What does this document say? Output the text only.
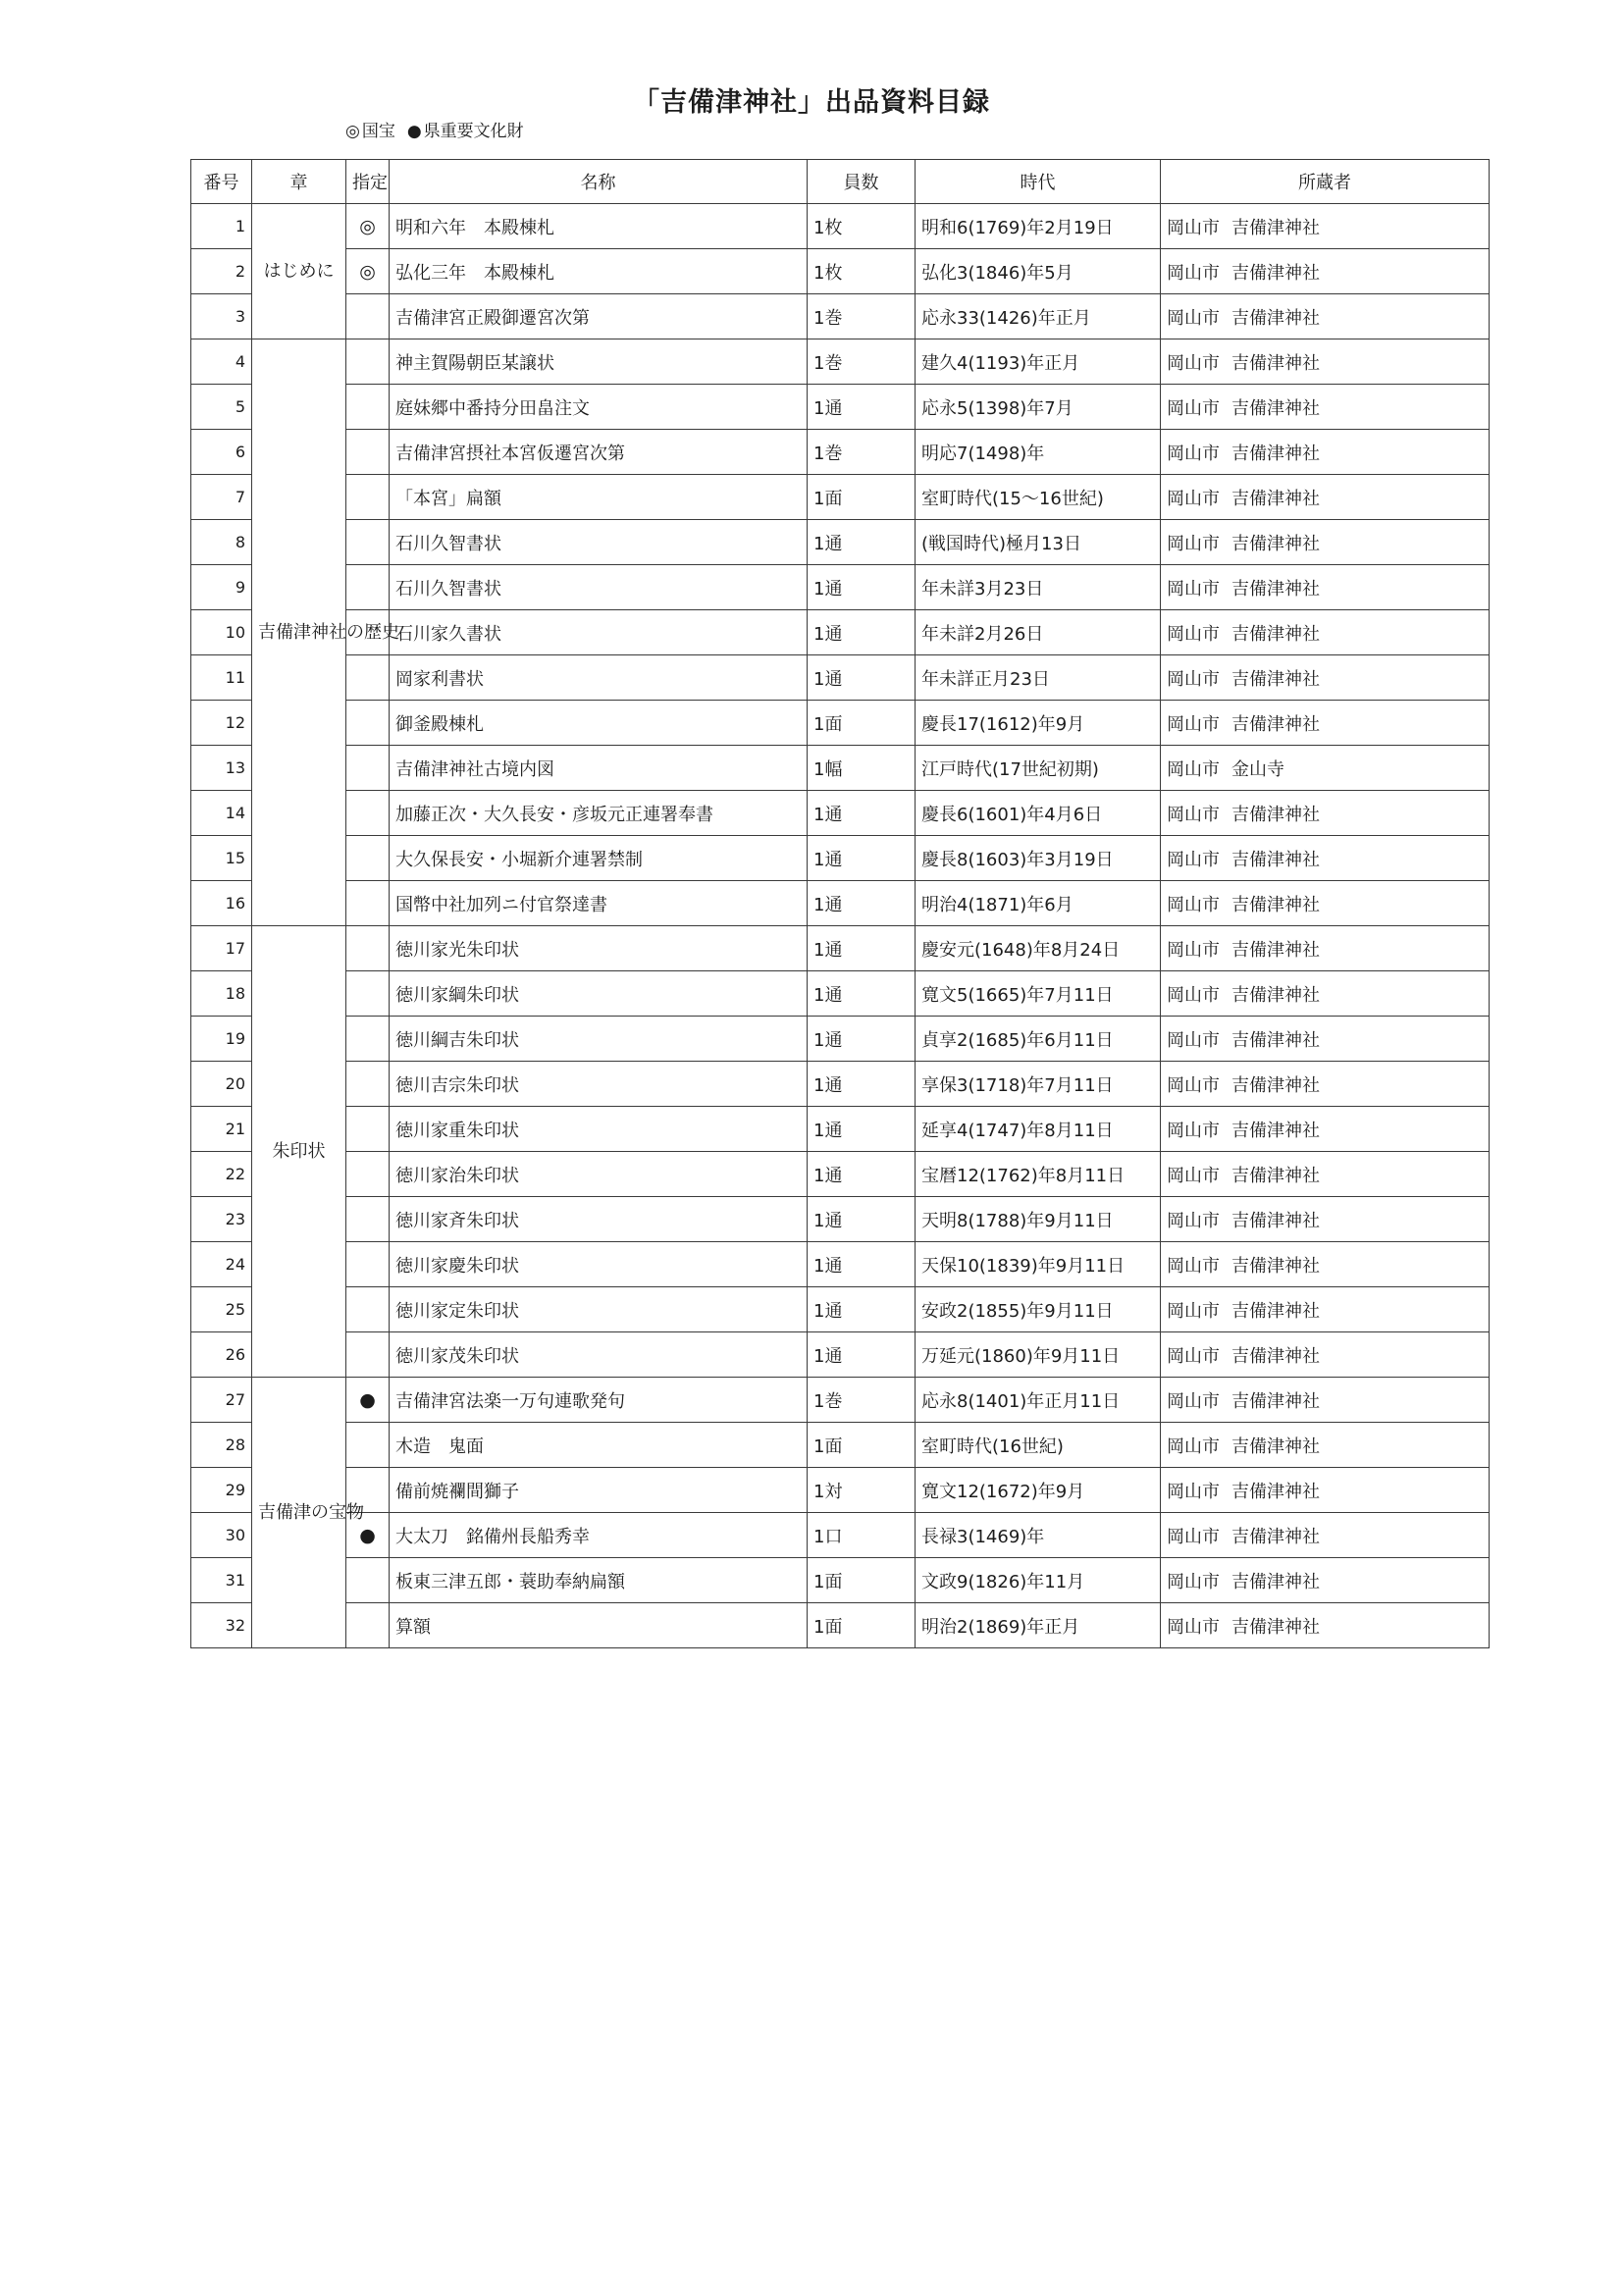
「吉備津神社」出品資料目録
◎ 国宝 ● 県重要文化財
番号	章	指定	名称	員数	時代	所蔵者
1	はじめに	◎	明和六年　本殿棟札	1枚	明和6(1769)年2月19日	岡山市 吉備津神社
2		◎	弘化三年　本殿棟札	1枚	弘化3(1846)年5月	岡山市 吉備津神社
3			吉備津宮正殿御遷宮次第	1巻	応永33(1426)年正月	岡山市 吉備津神社
4	吉備津神社の歴史		神主賀陽朝臣某譲状	1巻	建久4(1193)年正月	岡山市 吉備津神社
5			庭妹郷中番持分田畠注文	1通	応永5(1398)年7月	岡山市 吉備津神社
6			吉備津宮摂社本宮仮遷宮次第	1巻	明応7(1498)年	岡山市 吉備津神社
7			「本宮」扁額	1面	室町時代(15～16世紀)	岡山市 吉備津神社
8			石川久智書状	1通	(戦国時代)極月13日	岡山市 吉備津神社
9			石川久智書状	1通	年未詳3月23日	岡山市 吉備津神社
10			石川家久書状	1通	年未詳2月26日	岡山市 吉備津神社
11			岡家利書状	1通	年未詳正月23日	岡山市 吉備津神社
12			御釜殿棟札	1面	慶長17(1612)年9月	岡山市 吉備津神社
13			吉備津神社古境内図	1幅	江戸時代(17世紀初期)	岡山市 金山寺
14			加藤正次・大久長安・彦坂元正連署奉書	1通	慶長6(1601)年4月6日	岡山市 吉備津神社
15			大久保長安・小堀新介連署禁制	1通	慶長8(1603)年3月19日	岡山市 吉備津神社
16			国幣中社加列ニ付官祭達書	1通	明治4(1871)年6月	岡山市 吉備津神社
17	朱印状		徳川家光朱印状	1通	慶安元(1648)年8月24日	岡山市 吉備津神社
18			徳川家綱朱印状	1通	寛文5(1665)年7月11日	岡山市 吉備津神社
19			徳川綱吉朱印状	1通	貞享2(1685)年6月11日	岡山市 吉備津神社
20			徳川吉宗朱印状	1通	享保3(1718)年7月11日	岡山市 吉備津神社
21			徳川家重朱印状	1通	延享4(1747)年8月11日	岡山市 吉備津神社
22			徳川家治朱印状	1通	宝暦12(1762)年8月11日	岡山市 吉備津神社
23			徳川家斉朱印状	1通	天明8(1788)年9月11日	岡山市 吉備津神社
24			徳川家慶朱印状	1通	天保10(1839)年9月11日	岡山市 吉備津神社
25			徳川家定朱印状	1通	安政2(1855)年9月11日	岡山市 吉備津神社
26			徳川家茂朱印状	1通	万延元(1860)年9月11日	岡山市 吉備津神社
27	吉備津の宝物	●	吉備津宮法楽一万句連歌発句	1巻	応永8(1401)年正月11日	岡山市 吉備津神社
28			木造　鬼面	1面	室町時代(16世紀)	岡山市 吉備津神社
29			備前焼襴間獅子	1対	寛文12(1672)年9月	岡山市 吉備津神社
30		●	大太刀　銘備州長船秀幸	1口	長禄3(1469)年	岡山市 吉備津神社
31			板東三津五郎・蓑助奉納扁額	1面	文政9(1826)年11月	岡山市 吉備津神社
32			算額	1面	明治2(1869)年正月	岡山市 吉備津神社
